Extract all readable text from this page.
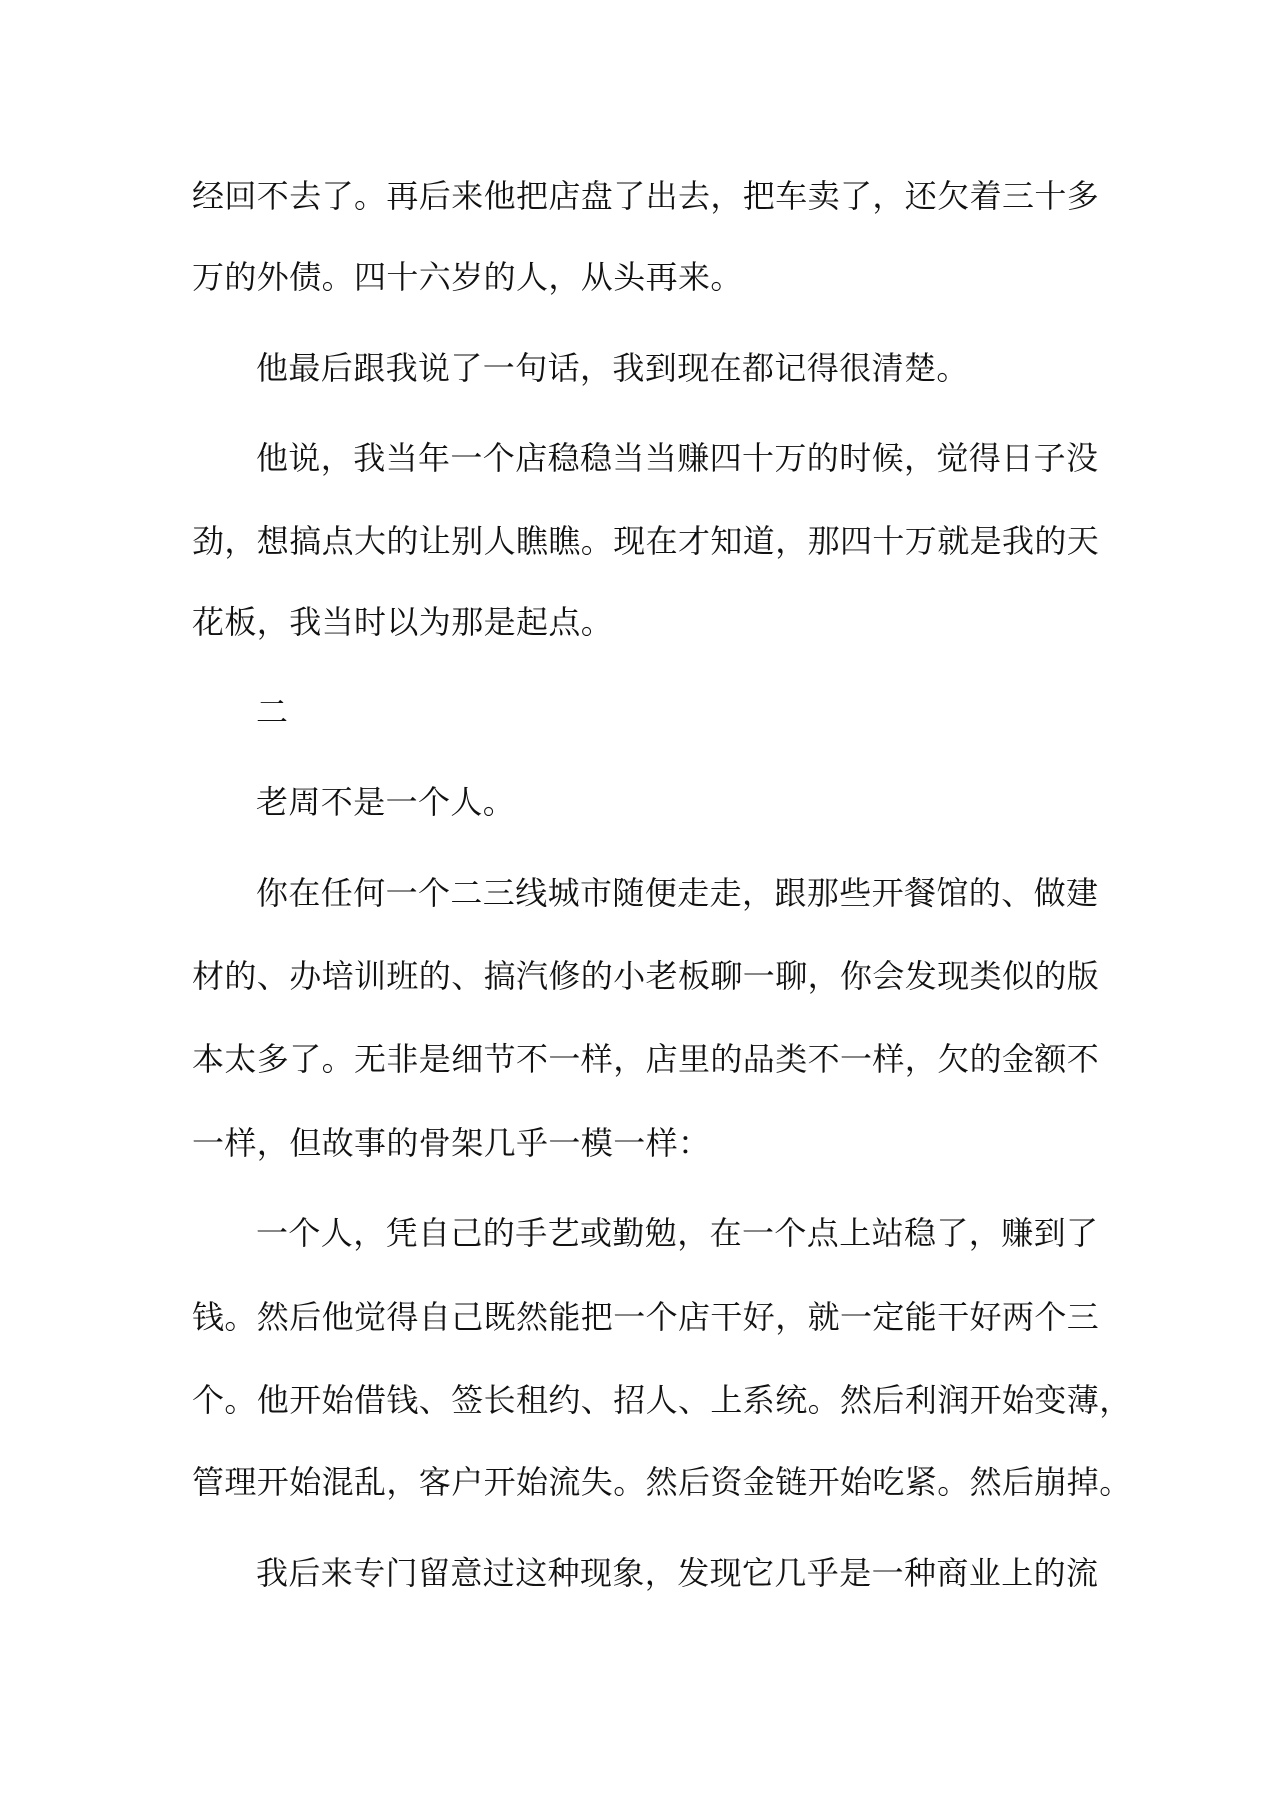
经回不去了。再后来他把店盘了出去，把车卖了，还欠着三十多
万的外债。四十六岁的人，从头再来。
他最后跟我说了一句话，我到现在都记得很清楚。
他说，我当年一个店稳稳当当赚四十万的时候，觉得日子没
劲，想搞点大的让别人瞧瞧。现在才知道，那四十万就是我的天
花板，我当时以为那是起点。
二
老周不是一个人。
你在任何一个二三线城市随便走走，跟那些开餐馆的、做建
材的、办培训班的、搞汽修的小老板聊一聊，你会发现类似的版
本太多了。无非是细节不一样，店里的品类不一样，欠的金额不
一样，但故事的骨架几乎一模一样：
一个人，凭自己的手艺或勤勉，在一个点上站稳了，赚到了
钱。然后他觉得自己既然能把一个店干好，就一定能干好两个三
个。他开始借钱、签长租约、招人、上系统。然后利润开始变薄，
管理开始混乱，客户开始流失。然后资金链开始吃紧。然后崩掉。
我后来专门留意过这种现象，发现它几乎是一种商业上的流
